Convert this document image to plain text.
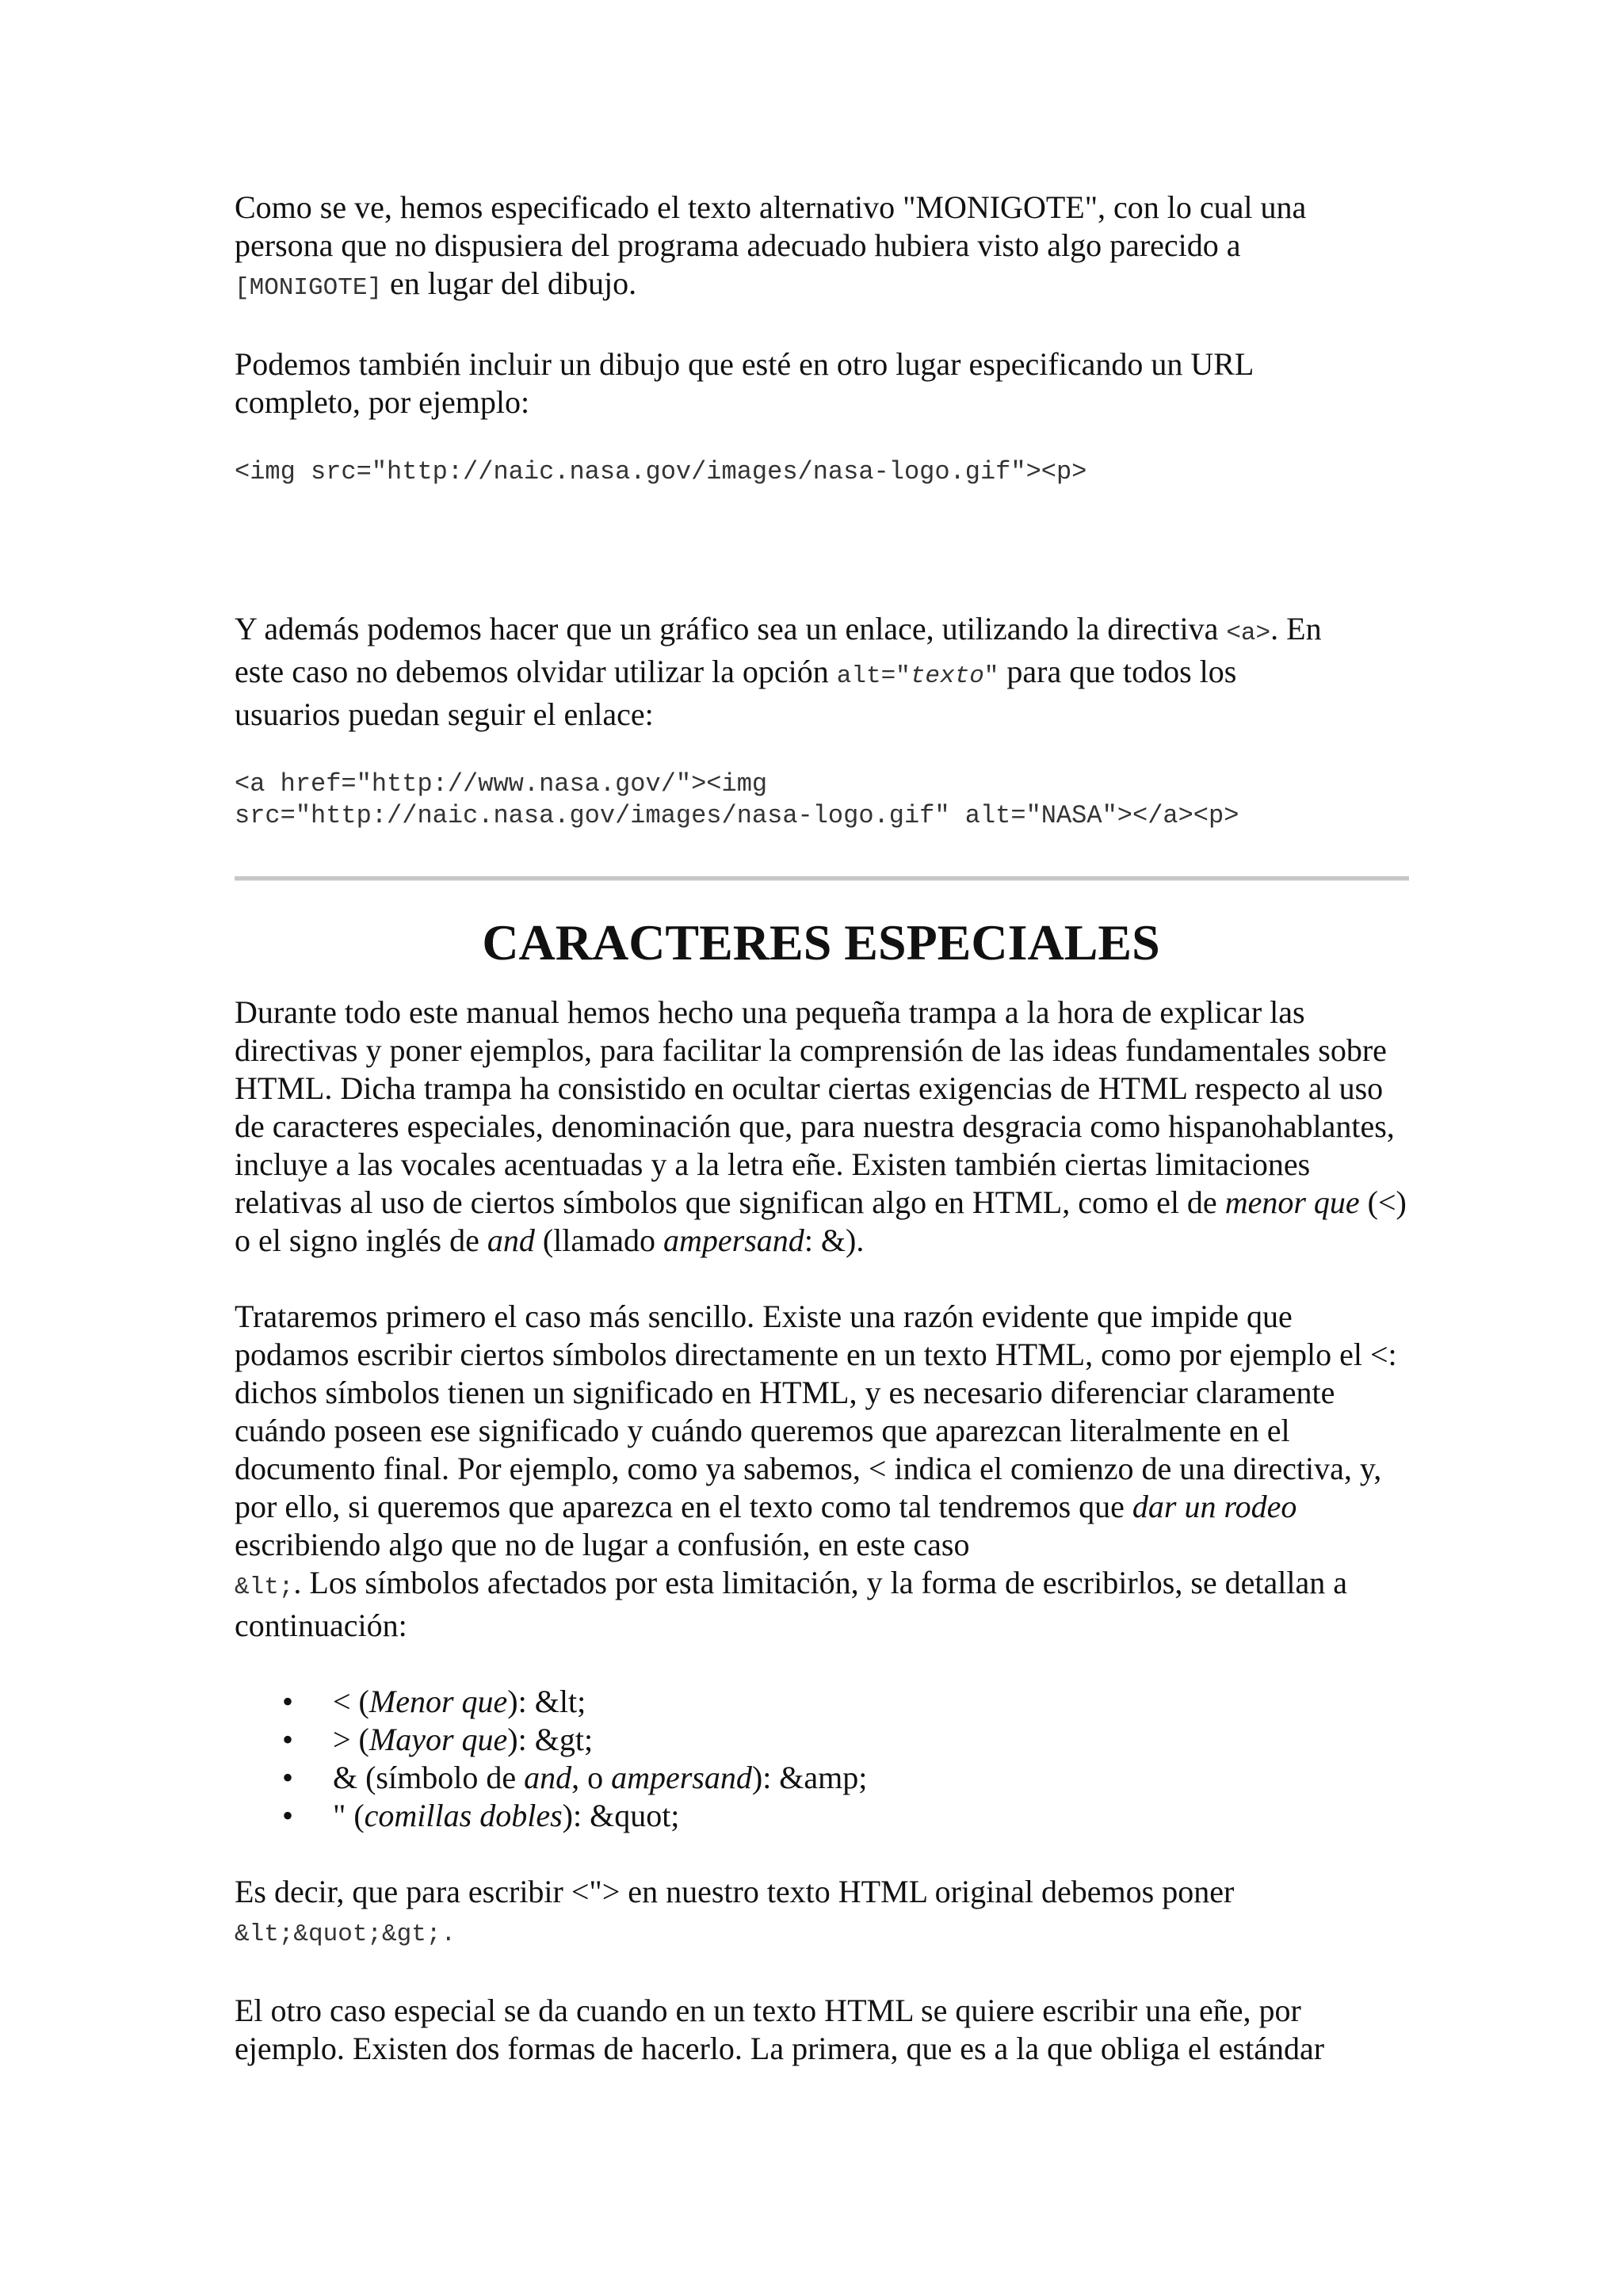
Como se ve, hemos especificado el texto alternativo "MONIGOTE", con lo cual una
persona que no dispusiera del programa adecuado hubiera visto algo parecido a
[MONIGOTE] en lugar del dibujo.

Podemos también incluir un dibujo que esté en otro lugar especificando un URL
completo, por ejemplo:

<img src="http://naic.nasa.gov/images/nasa-logo.gif"><p>

Y además podemos hacer que un gráfico sea un enlace, utilizando la directiva <a>. En
este caso no debemos olvidar utilizar la opción alt="texto" para que todos los
usuarios puedan seguir el enlace:

<a href="http://www.nasa.gov/"><img
src="http://naic.nasa.gov/images/nasa-logo.gif" alt="NASA"></a><p>
CARACTERES ESPECIALES

Durante todo este manual hemos hecho una pequeña trampa a la hora de explicar las directivas y poner ejemplos, para facilitar la comprensión de las ideas fundamentales sobre HTML. Dicha trampa ha consistido en ocultar ciertas exigencias de HTML respecto al uso de caracteres especiales, denominación que, para nuestra desgracia como hispanohablantes, incluye a las vocales acentuadas y a la letra eñe. Existen también ciertas limitaciones relativas al uso de ciertos símbolos que significan algo en HTML, como el de menor que (<) o el signo inglés de and (llamado ampersand: &).

Trataremos primero el caso más sencillo. Existe una razón evidente que impide que podamos escribir ciertos símbolos directamente en un texto HTML, como por ejemplo el <: dichos símbolos tienen un significado en HTML, y es necesario diferenciar claramente cuándo poseen ese significado y cuándo queremos que aparezcan literalmente en el documento final. Por ejemplo, como ya sabemos, < indica el comienzo de una directiva, y, por ello, si queremos que aparezca en el texto como tal tendremos que dar un rodeo escribiendo algo que no de lugar a confusión, en este caso
&lt;. Los símbolos afectados por esta limitación, y la forma de escribirlos, se detallan a continuación:

• < (Menor que): &lt;
• > (Mayor que): &gt;
• & (símbolo de and, o ampersand): &amp;
• " (comillas dobles): &quot;

Es decir, que para escribir <"> en nuestro texto HTML original debemos poner
&lt;&quot;&gt;.

El otro caso especial se da cuando en un texto HTML se quiere escribir una eñe, por
ejemplo. Existen dos formas de hacerlo. La primera, que es a la que obliga el estándar
